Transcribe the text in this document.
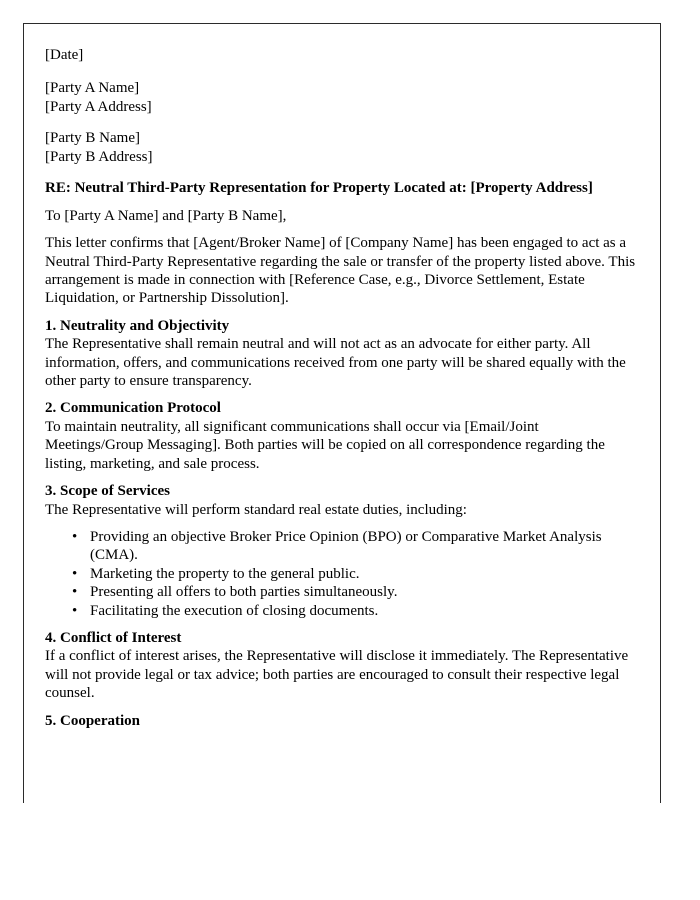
[Date]
[Party A Name]
[Party A Address]
[Party B Name]
[Party B Address]

RE: Neutral Third-Party Representation for Property Located at: [Property Address]

To [Party A Name] and [Party B Name],

This letter confirms that [Agent/Broker Name] of [Company Name] has been engaged to act as a Neutral Third-Party Representative regarding the sale or transfer of the property listed above. This arrangement is made in connection with [Reference Case, e.g., Divorce Settlement, Estate Liquidation, or Partnership Dissolution].

1. Neutrality and Objectivity

The Representative shall remain neutral and will not act as an advocate for either party. All information, offers, and communications received from one party will be shared equally with the other party to ensure transparency.

2. Communication Protocol

To maintain neutrality, all significant communications shall occur via [Email/Joint Meetings/Group Messaging]. Both parties will be copied on all correspondence regarding the listing, marketing, and sale process.

3. Scope of Services

The Representative will perform standard real estate duties, including:

• Providing an objective Broker Price Opinion (BPO) or Comparative Market Analysis (CMA).
• Marketing the property to the general public.
• Presenting all offers to both parties simultaneously.
• Facilitating the execution of closing documents.
4. Conflict of Interest

If a conflict of interest arises, the Representative will disclose it immediately. The Representative will not provide legal or tax advice; both parties are encouraged to consult their respective legal counsel.

5. Cooperation
